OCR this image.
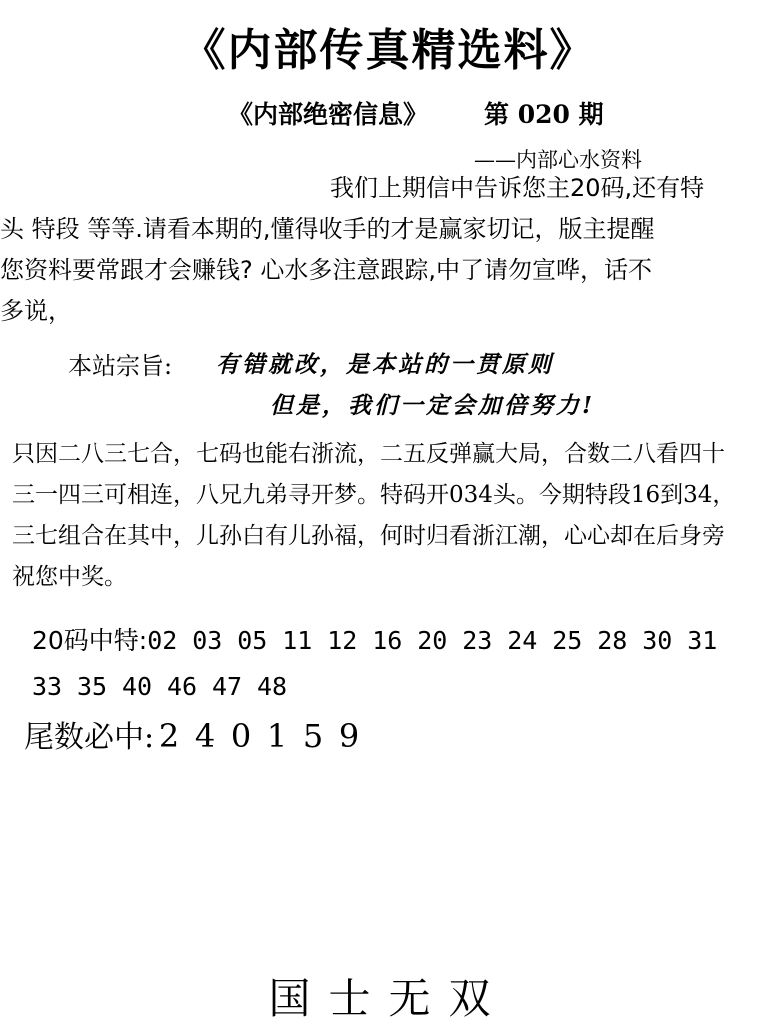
《内部传真精选料》
《内部绝密信息》 第 020 期
——内部心水资料
我们上期信中告诉您主20码,还有特
头 特段 等等.请看本期的,懂得收手的才是赢家切记，版主提醒
您资料要常跟才会赚钱? 心水多注意跟踪,中了请勿宣哗，话不
多说，
本站宗旨: 有错就改，是本站的一贯原则
但是，我们一定会加倍努力!
只因二八三七合，七码也能右浙流，二五反弹赢大局，合数二八看四十
三一四三可相连，八兄九弟寻开梦。特码开034头。今期特段16到34，
三七组合在其中，儿孙白有儿孙福，何时归看浙江潮，心心却在后身旁
祝您中奖。
20码中特: 02 03 05 11 12 16 20 23 24 25 28 30 31
33 35 40 46 47 48
尾数必中: 2 4 0 1 5 9
国士无双
